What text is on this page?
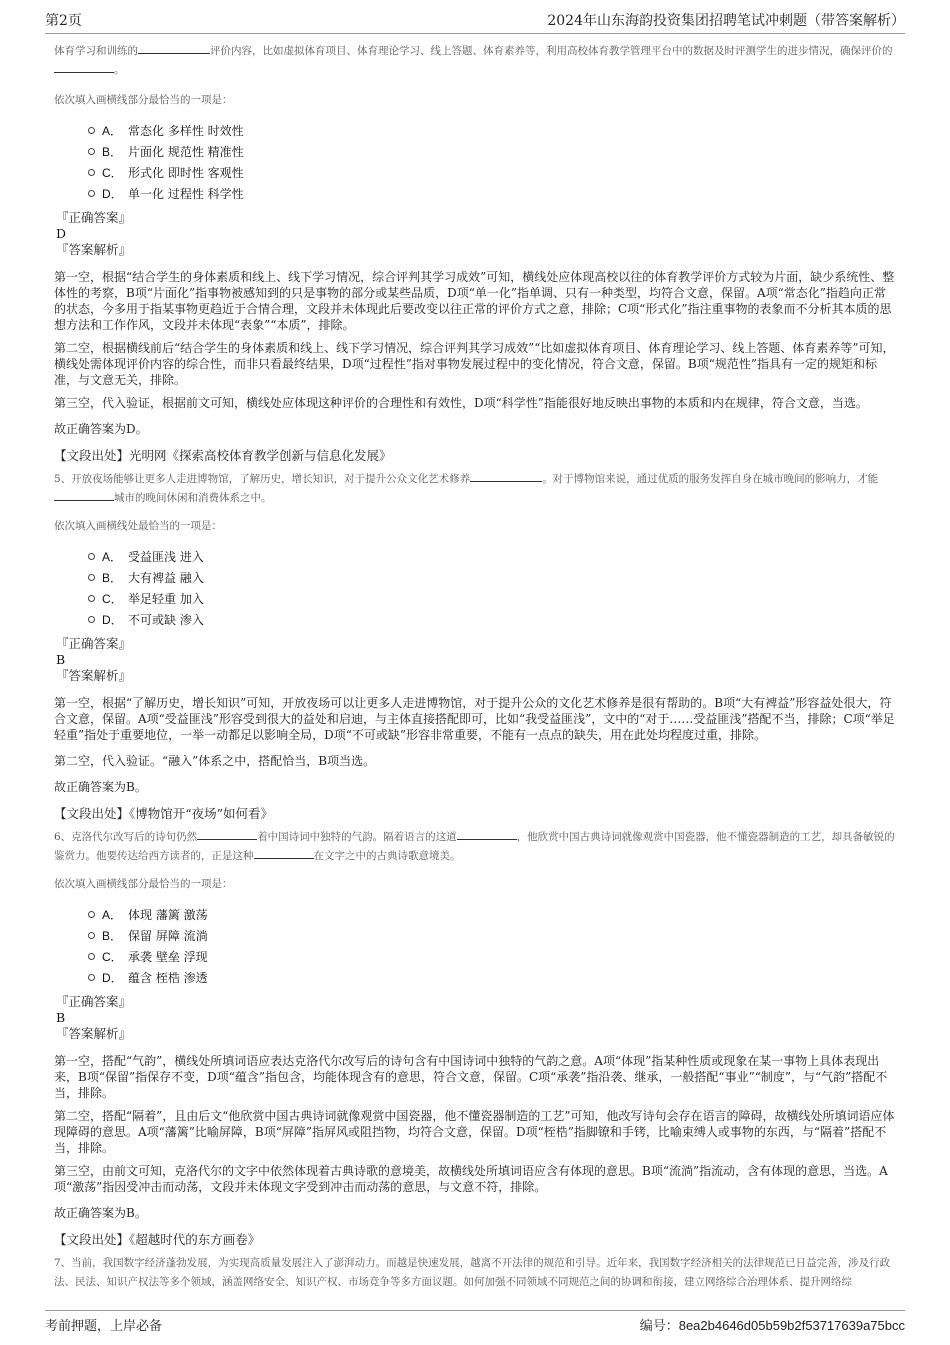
第2页	2024年山东海韵投资集团招聘笔试冲刺题（带答案解析）
体育学习和训练的	评价内容，比如虚拟体育项目、体育理论学习、线上答题、体育素养等，利用高校体育教学管理平台中的数据及时评测学生的进步情况，确保评价的。
依次填入画横线部分最恰当的一项是：
A． 常态化 多样性 时效性
B． 片面化 规范性 精准性
C． 形式化 即时性 客观性
D． 单一化 过程性 科学性
『正确答案』
D
『答案解析』
第一空，根据“结合学生的身体素质和线上、线下学习情况，综合评判其学习成效”可知，横线处应体现高校以往的体育教学评价方式较为片面，缺少系统性、整体性的考察，B项“片面化”指事物被感知到的只是事物的部分或某些品质，D项“单一化”指单调、只有一种类型，均符合文意，保留。A项“常态化”指趋向正常的状态，今多用于指某事物更趋近于合情合理，文段并未体现此后要改变以往正常的评价方式之意，排除；C项“形式化”指注重事物的表象而不分析其本质的思想方法和工作作风，文段并未体现“表象”“本质”，排除。
第二空，根据横线前后“结合学生的身体素质和线上、线下学习情况，综合评判其学习成效”“比如虚拟体育项目、体育理论学习、线上答题、体育素养等”可知，横线处需体现评价内容的综合性，而非只看最终结果，D项“过程性”指对事物发展过程中的变化情况，符合文意，保留。B项“规范性”指具有一定的规矩和标准，与文意无关，排除。
第三空，代入验证，根据前文可知，横线处应体现这种评价的合理性和有效性，D项“科学性”指能很好地反映出事物的本质和内在规律，符合文意，当选。
故正确答案为D。
【文段出处】光明网《探索高校体育教学创新与信息化发展》
5、开放夜场能够让更多人走进博物馆，了解历史，增长知识，对于提升公众文化艺术修养	。对于博物馆来说，通过优质的服务发挥自身在城市晚间的影响力，才能城市的晚间休闲和消费体系之中。
依次填入画横线处最恰当的一项是：
A． 受益匪浅 进入
B． 大有裨益 融入
C． 举足轻重 加入
D． 不可或缺 渗入
『正确答案』
B
『答案解析』
第一空，根据“了解历史，增长知识”可知，开放夜场可以让更多人走进博物馆，对于提升公众的文化艺术修养是很有帮助的。B项“大有裨益”形容益处很大，符合文意，保留。A项“受益匪浅”形容受到很大的益处和启迪，与主体直接搭配即可，比如“我受益匪浅”，文中的“对于……受益匪浅”搭配不当，排除；C项“举足轻重”指处于重要地位，一举一动都足以影响全局，D项“不可或缺”形容非常重要，不能有一点点的缺失，用在此处均程度过重，排除。
第二空，代入验证。“融入”体系之中，搭配恰当，B项当选。
故正确答案为B。
【文段出处】《博物馆开“夜场”如何看》
6、克洛代尔改写后的诗句仍然	着中国诗词中独特的气韵。隔着语言的这道	，他欣赏中国古典诗词就像观赏中国瓷器，他不懂瓷器制造的工艺，却具备敏锐的鉴赏力。他要传达给西方读者的，正是这种	在文字之中的古典诗歌意境美。
依次填入画横线部分最恰当的一项是：
A． 体现 藩篱 激荡
B． 保留 屏障 流淌
C． 承袭 壁垒 浮现
D． 蕴含 桎梏 渗透
『正确答案』
B
『答案解析』
第一空，搭配“气韵”，横线处所填词语应表达克洛代尔改写后的诗句含有中国诗词中独特的气韵之意。A项“体现”指某种性质或现象在某一事物上具体表现出来，B项“保留”指保存不变，D项“蕴含”指包含，均能体现含有的意思，符合文意，保留。C项“承袭”指沿袭、继承，一般搭配“事业”“制度”，与“气韵”搭配不当，排除。
第二空，搭配“隔着”，且由后文“他欣赏中国古典诗词就像观赏中国瓷器，他不懂瓷器制造的工艺”可知，他改写诗句会存在语言的障碍，故横线处所填词语应体现障碍的意思。A项“藩篱”比喻屏障，B项“屏障”指屏风或阻挡物，均符合文意，保留。D项“桎梏”指脚镣和手铐，比喻束缚人或事物的东西，与“隔着”搭配不当，排除。
第三空，由前文可知，克洛代尔的文字中依然体现着古典诗歌的意境美，故横线处所填词语应含有体现的意思。B项“流淌”指流动，含有体现的意思，当选。A项“激荡”指因受冲击而动荡，文段并未体现文字受到冲击而动荡的意思，与文意不符，排除。
故正确答案为B。
【文段出处】《超越时代的东方画卷》
7、当前，我国数字经济蓬勃发展，为实现高质量发展注入了澎湃动力。而越是快速发展，越离不开法律的规范和引导。近年来，我国数字经济相关的法律规范已日益完善，涉及行政法、民法、知识产权法等多个领域，涵盖网络安全、知识产权、市场竞争等多方面议题。如何加强不同领域不同规范之间的协调和衔接，建立网络综合治理体系、提升网络综
考前押题，上岸必备	编号：8ea2b4646d05b59b2f53717639a75bcc
